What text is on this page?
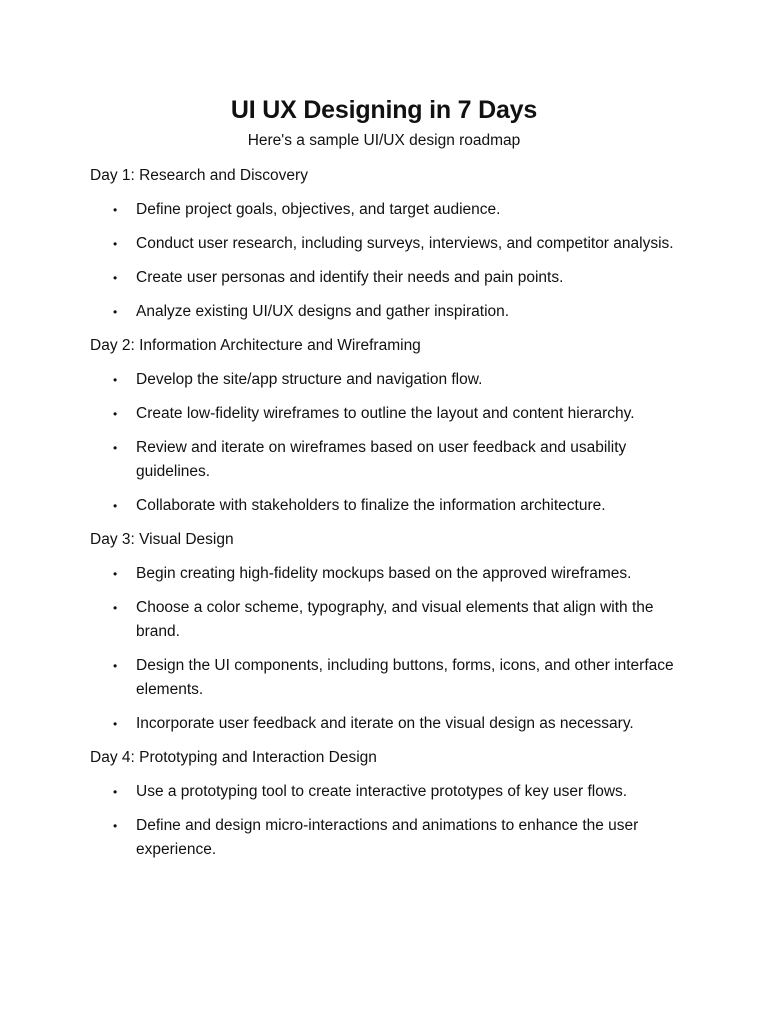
UI UX Designing in 7 Days

Here's a sample UI/UX design roadmap

Day 1: Research and Discovery

• Define project goals, objectives, and target audience.
• Conduct user research, including surveys, interviews, and competitor analysis.
• Create user personas and identify their needs and pain points.
• Analyze existing UI/UX designs and gather inspiration.

Day 2: Information Architecture and Wireframing

• Develop the site/app structure and navigation flow.
• Create low-fidelity wireframes to outline the layout and content hierarchy.
• Review and iterate on wireframes based on user feedback and usability guidelines.
• Collaborate with stakeholders to finalize the information architecture.

Day 3: Visual Design

• Begin creating high-fidelity mockups based on the approved wireframes.
• Choose a color scheme, typography, and visual elements that align with the brand.
• Design the UI components, including buttons, forms, icons, and other interface elements.
• Incorporate user feedback and iterate on the visual design as necessary.

Day 4: Prototyping and Interaction Design

• Use a prototyping tool to create interactive prototypes of key user flows.
• Define and design micro-interactions and animations to enhance the user experience.
